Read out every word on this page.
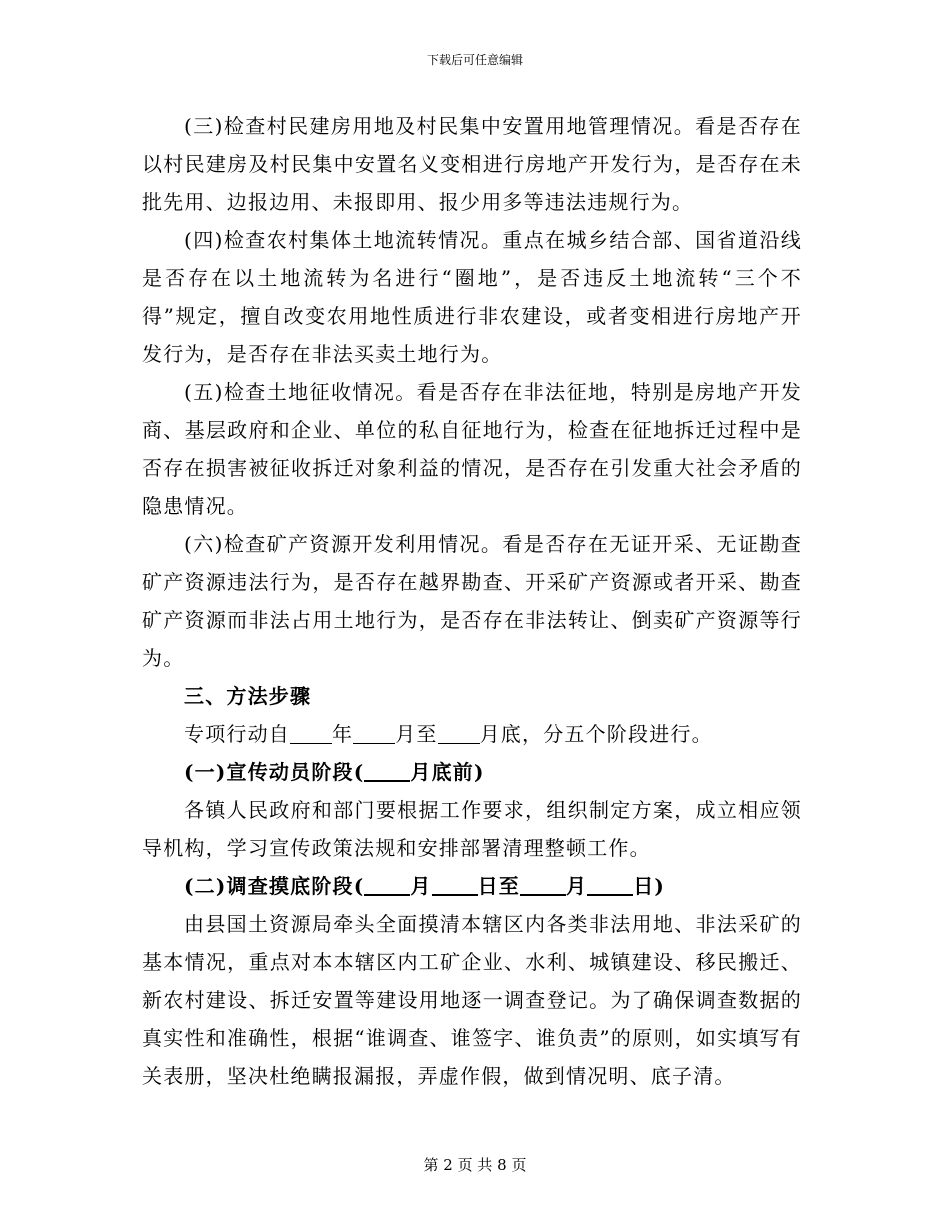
下载后可任意编辑

(三)检查村民建房用地及村民集中安置用地管理情况。看是否存在以村民建房及村民集中安置名义变相进行房地产开发行为，是否存在未批先用、边报边用、未报即用、报少用多等违法违规行为。

(四)检查农村集体土地流转情况。重点在城乡结合部、国省道沿线是否存在以土地流转为名进行“圈地”，是否违反土地流转“三个不得”规定，擅自改变农用地性质进行非农建设，或者变相进行房地产开发行为，是否存在非法买卖土地行为。

(五)检查土地征收情况。看是否存在非法征地，特别是房地产开发商、基层政府和企业、单位的私自征地行为，检查在征地拆迁过程中是否存在损害被征收拆迁对象利益的情况，是否存在引发重大社会矛盾的隐患情况。

(六)检查矿产资源开发利用情况。看是否存在无证开采、无证勘查矿产资源违法行为，是否存在越界勘查、开采矿产资源或者开采、勘查矿产资源而非法占用土地行为，是否存在非法转让、倒卖矿产资源等行为。

三、方法步骤

专项行动自 年 月至 月底，分五个阶段进行。

(一)宣传动员阶段( 月底前)

各镇人民政府和部门要根据工作要求，组织制定方案，成立相应领导机构，学习宣传政策法规和安排部署清理整顿工作。

(二)调查摸底阶段( 月 日至 月 日)

由县国土资源局牵头全面摸清本辖区内各类非法用地、非法采矿的基本情况，重点对本本辖区内工矿企业、水利、城镇建设、移民搬迁、新农村建设、拆迁安置等建设用地逐一调查登记。为了确保调查数据的真实性和准确性，根据“谁调查、谁签字、谁负责”的原则，如实填写有关表册，坚决杜绝瞒报漏报，弄虚作假，做到情况明、底子清。

第 2 页 共 8 页
